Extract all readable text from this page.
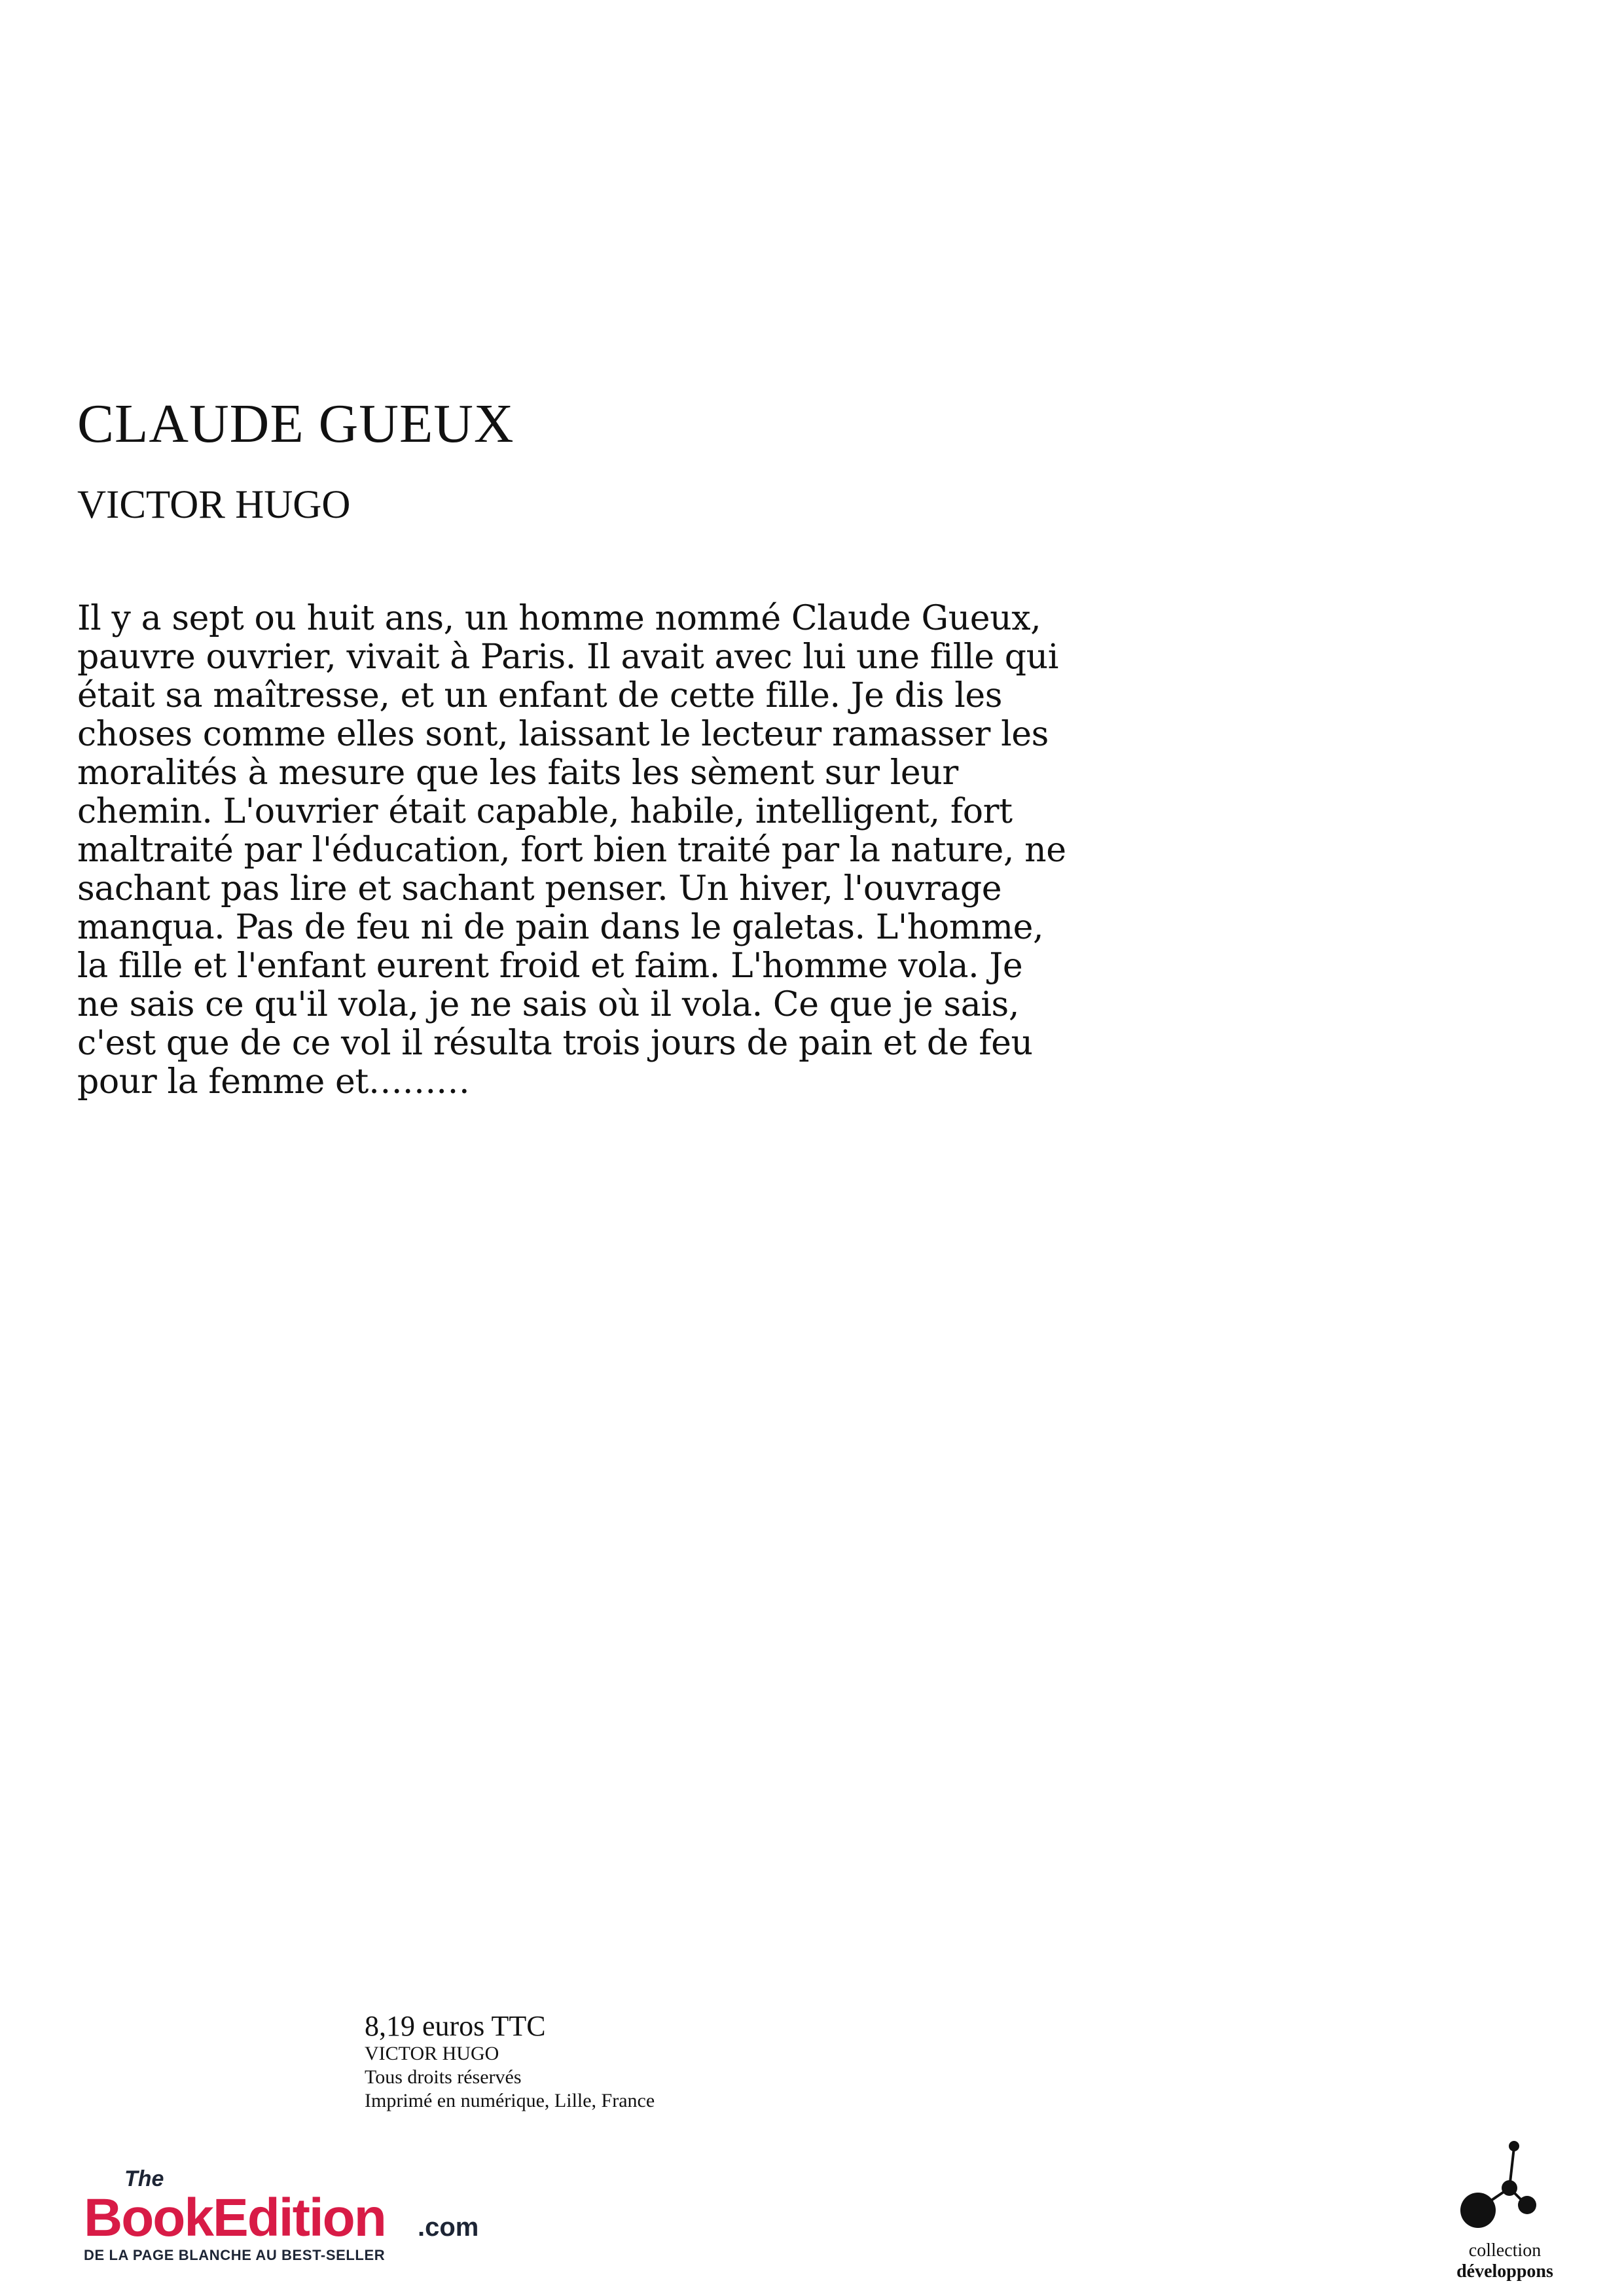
CLAUDE GUEUX
VICTOR HUGO
Il y a sept ou huit ans, un homme nommé Claude Gueux,
pauvre ouvrier, vivait à Paris. Il avait avec lui une fille qui
était sa maîtresse, et un enfant de cette fille. Je dis les
choses comme elles sont, laissant le lecteur ramasser les
moralités à mesure que les faits les sèment sur leur
chemin. L'ouvrier était capable, habile, intelligent, fort
maltraité par l'éducation, fort bien traité par la nature, ne
sachant pas lire et sachant penser. Un hiver, l'ouvrage
manqua. Pas de feu ni de pain dans le galetas. L'homme,
la fille et l'enfant eurent froid et faim. L'homme vola. Je
ne sais ce qu'il vola, je ne sais où il vola. Ce que je sais,
c'est que de ce vol il résulta trois jours de pain et de feu
pour la femme et………
8,19 euros TTC
VICTOR HUGO
Tous droits réservés
Imprimé en numérique, Lille, France
The
BookEdition .com
DE LA PAGE BLANCHE AU BEST-SELLER	collection
développons
